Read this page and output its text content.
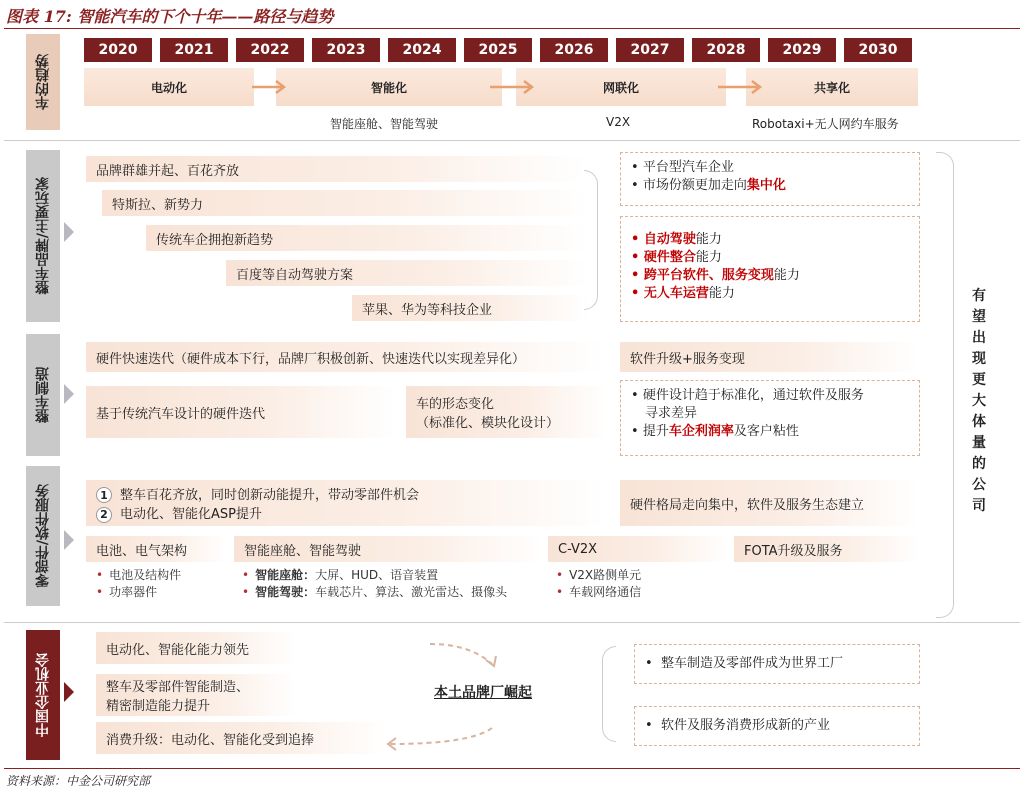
图表 17: 智能汽车的下个十年——路径与趋势
2020	2021	2022	2023	2024	2025	2026	2027	2028	2029	2030
车的趋势	电动化	智能化	网联化	共享化
智能座舱、智能驾驶	V2X	Robotaxi+无人网约车服务
整车品牌/主要玩家
品牌群雄并起、百花齐放
特斯拉、新势力
传统车企拥抱新趋势
百度等自动驾驶方案
苹果、华为等科技企业
• 平台型汽车企业
• 市场份额更加走向集中化
• 自动驾驶能力
• 硬件整合能力
• 跨平台软件、服务变现能力
• 无人车运营能力
整车制造
硬件快速迭代（硬件成本下行，品牌厂积极创新、快速迭代以实现差异化）	软件升级+服务变现
基于传统汽车设计的硬件迭代
车的形态变化
（标准化、模块化设计）
• 硬件设计趋于标准化，通过软件及服务
寻求差异
• 提升车企利润率及客户粘性
零部件/软件服务	1 整车百花齐放，同时创新动能提升，带动零部件机会
2 电动化、智能化ASP提升
硬件格局走向集中，软件及服务生态建立
电池、电气架构	智能座舱、智能驾驶	C-V2X	FOTA升级及服务
• 电池及结构件
• 功率器件
• 智能座舱：大屏、HUD、语音装置
• 智能驾驶：车载芯片、算法、激光雷达、摄像头
• V2X路侧单元
• 车载网络通信
有望出现更大体量的公司
中国企业机会
电动化、智能化能力领先
整车及零部件智能制造、
精密制造能力提升
消费升级：电动化、智能化受到追捧
本土品牌厂崛起
• 整车制造及零部件成为世界工厂
• 软件及服务消费形成新的产业
资料来源：中金公司研究部
